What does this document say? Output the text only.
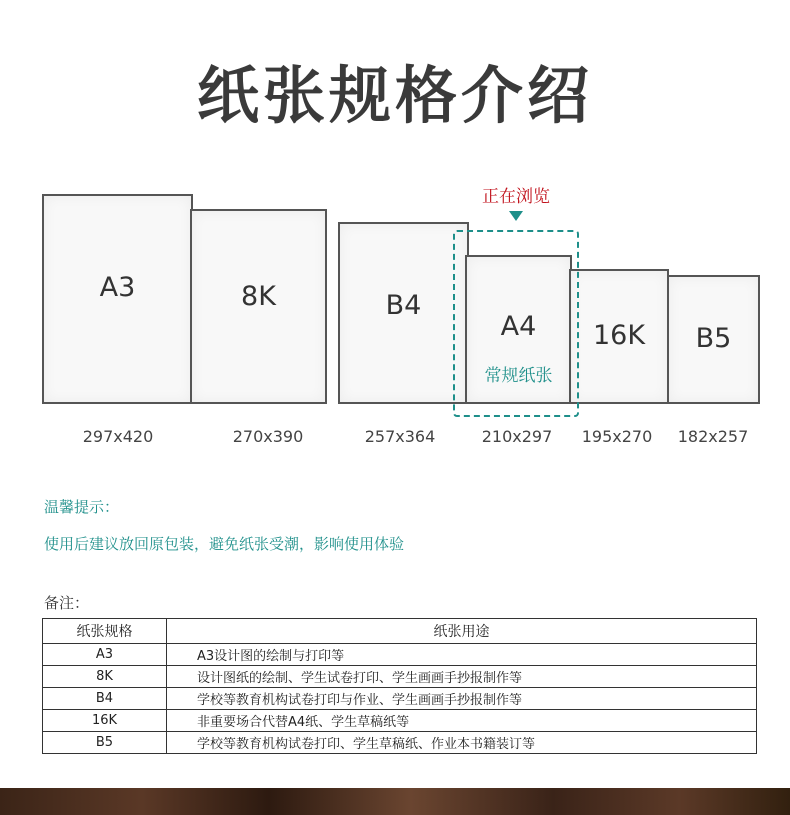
纸张规格介绍
A3
297x420
8K
270x390
B4
257x364
A4
常规纸张
210x297
16K
195x270
B5
182x257
正在浏览
温馨提示：
使用后建议放回原包装，避免纸张受潮，影响使用体验
备注：
纸张规格	纸张用途
A3	A3设计图的绘制与打印等
8K	设计图纸的绘制、学生试卷打印、学生画画手抄报制作等
B4	学校等教育机构试卷打印与作业、学生画画手抄报制作等
16K	非重要场合代替A4纸、学生草稿纸等
B5	学校等教育机构试卷打印、学生草稿纸、作业本书籍装订等
